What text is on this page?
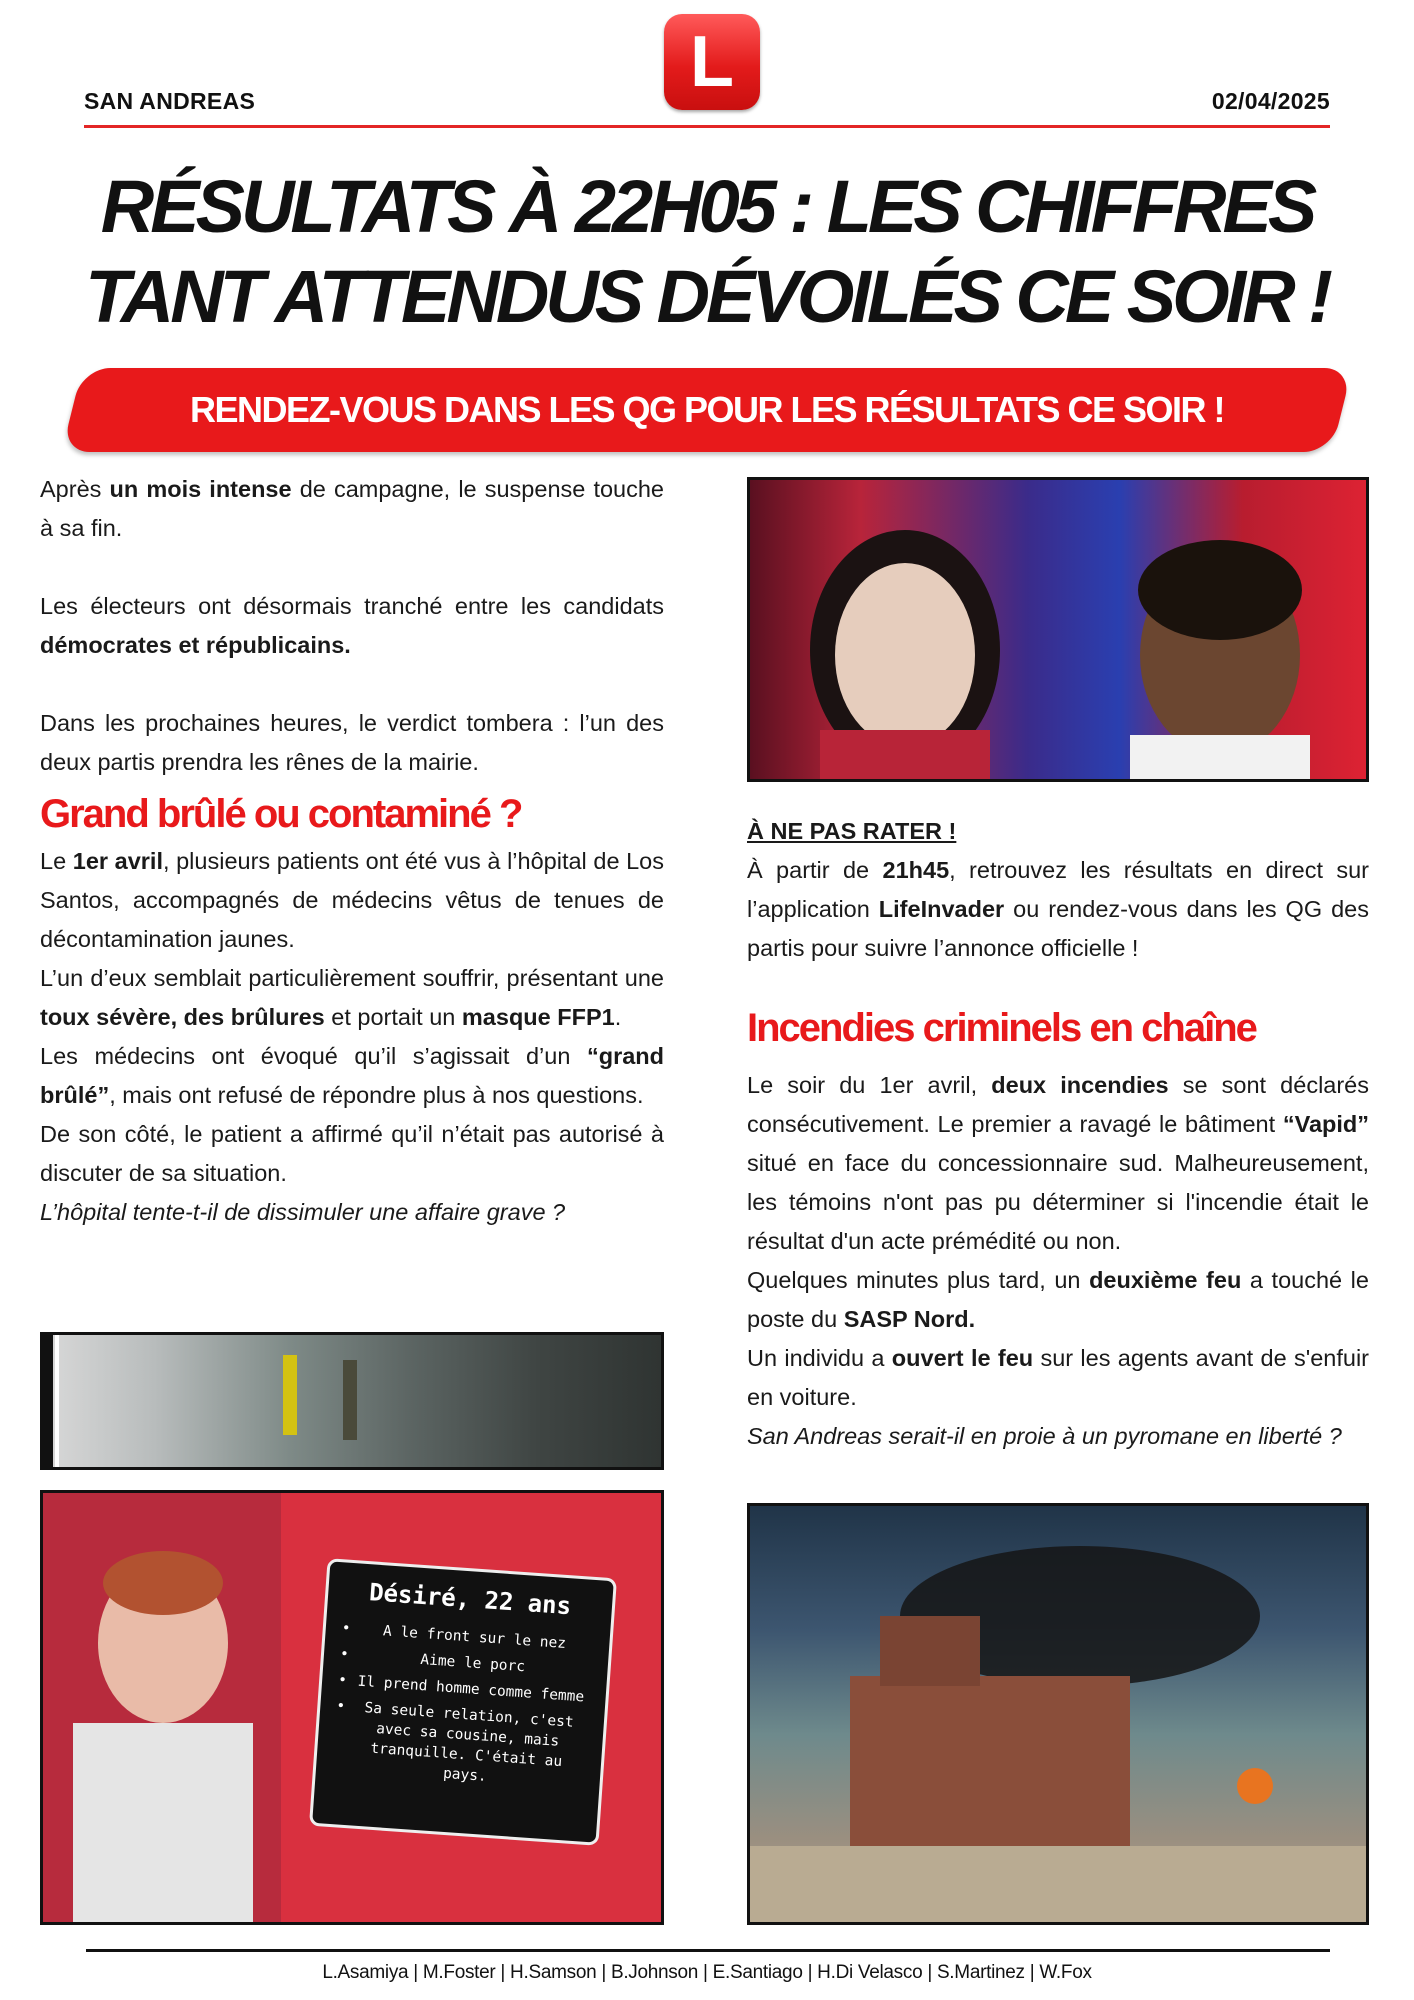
SAN ANDREAS	02/04/2025
L
RÉSULTATS À 22H05 : LES CHIFFRES
TANT ATTENDUS DÉVOILÉS CE SOIR !
RENDEZ-VOUS DANS LES QG POUR LES RÉSULTATS CE SOIR !

Après un mois intense de campagne, le suspense touche à sa fin.

Les électeurs ont désormais tranché entre les candidats démocrates et républicains.

Dans les prochaines heures, le verdict tombera : l’un des deux partis prendra les rênes de la mairie.

Grand brûlé ou contaminé ?

Le 1er avril, plusieurs patients ont été vus à l’hôpital de Los Santos, accompagnés de médecins vêtus de tenues de décontamination jaunes.

L’un d’eux semblait particulièrement souffrir, présentant une toux sévère, des brûlures et portait un masque FFP1.

Les médecins ont évoqué qu’il s’agissait d’un “grand brûlé”, mais ont refusé de répondre plus à nos questions.

De son côté, le patient a affirmé qu’il n’était pas autorisé à discuter de sa situation.

L’hôpital tente-t-il de dissimuler une affaire grave ?

Désiré, 22 ans
• A le front sur le nez
• Aime le porc
• Il prend homme comme femme
• Sa seule relation, c'est avec sa cousine, mais tranquille. C'était au pays.

À NE PAS RATER !

À partir de 21h45, retrouvez les résultats en direct sur l’application LifeInvader ou rendez-vous dans les QG des partis pour suivre l’annonce officielle !

Incendies criminels en chaîne

Le soir du 1er avril, deux incendies se sont déclarés consécutivement. Le premier a ravagé le bâtiment “Vapid” situé en face du concessionnaire sud. Malheureusement, les témoins n'ont pas pu déterminer si l'incendie était le résultat d'un acte prémédité ou non.

Quelques minutes plus tard, un deuxième feu a touché le poste du SASP Nord.

Un individu a ouvert le feu sur les agents avant de s'enfuir en voiture.

San Andreas serait-il en proie à un pyromane en liberté ?

L.Asamiya | M.Foster | H.Samson | B.Johnson | E.Santiago | H.Di Velasco | S.Martinez | W.Fox
